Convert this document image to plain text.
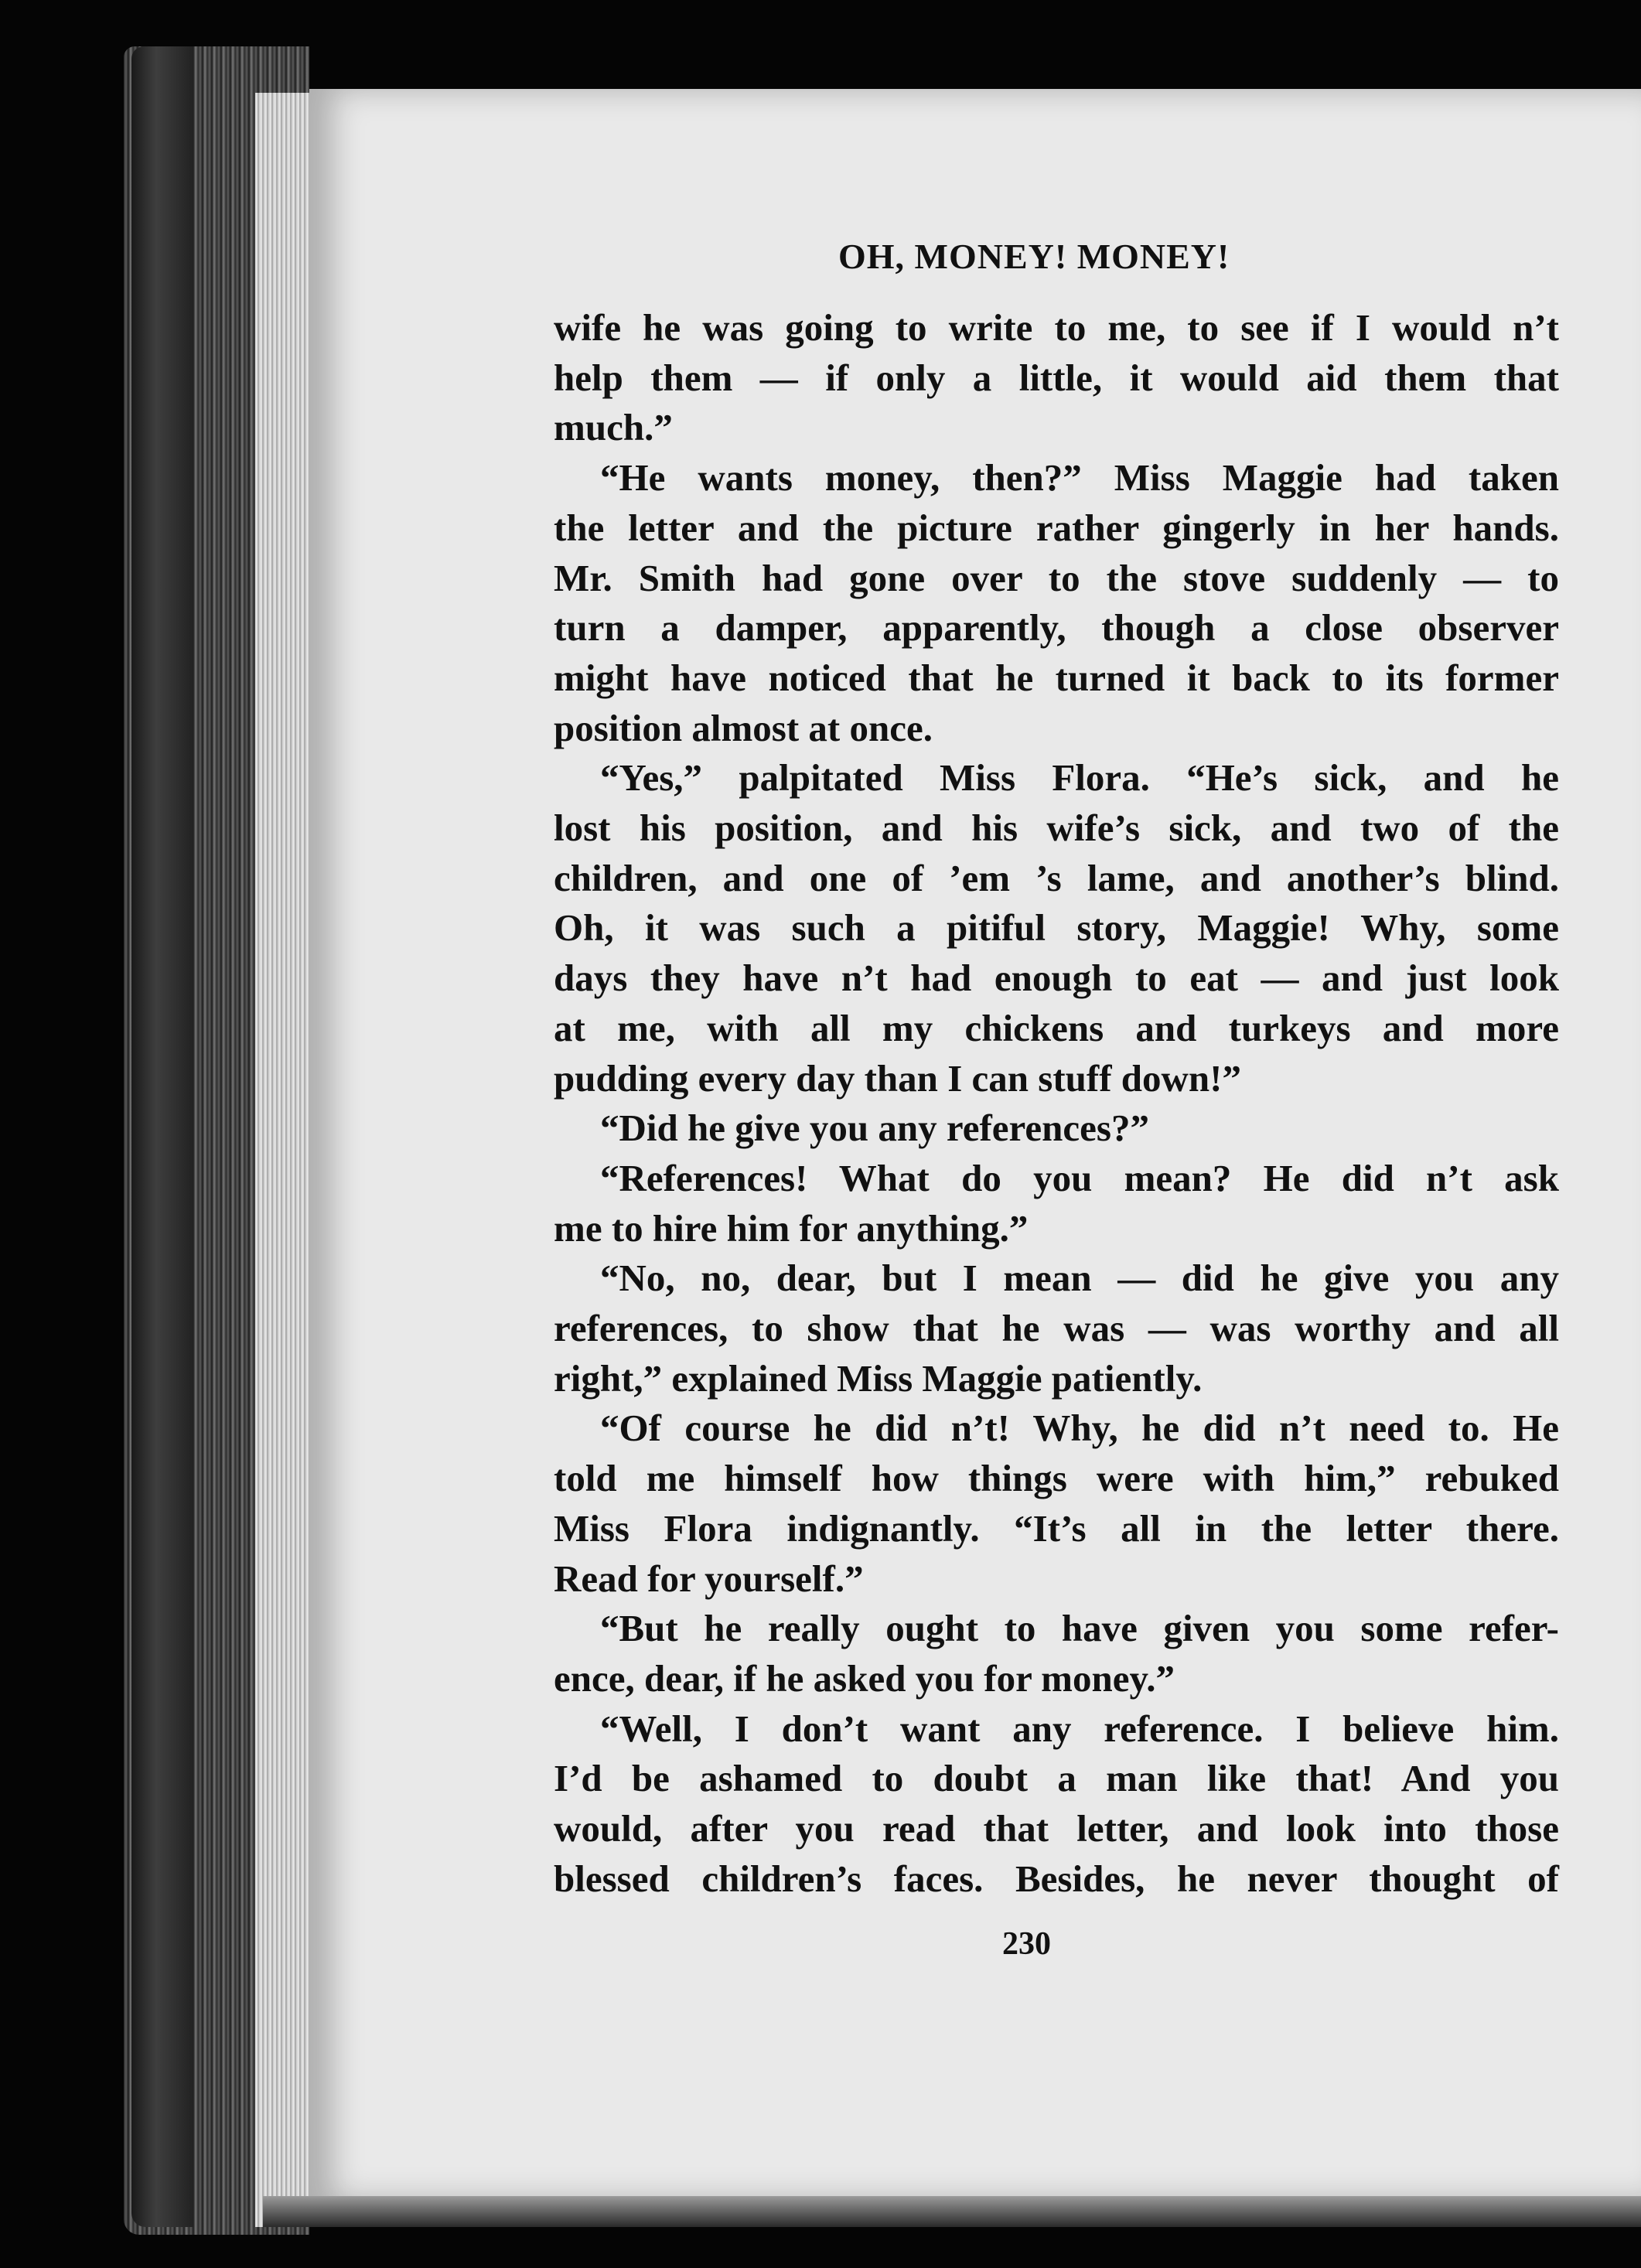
OH, MONEY! MONEY!
wife he was going to write to me, to see if I would n’t
help them — if only a little, it would aid them that
much.”
“He wants money, then?” Miss Maggie had taken
the letter and the picture rather gingerly in her hands.
Mr. Smith had gone over to the stove suddenly — to
turn a damper, apparently, though a close observer
might have noticed that he turned it back to its former
position almost at once.
“Yes,” palpitated Miss Flora. “He’s sick, and he
lost his position, and his wife’s sick, and two of the
children, and one of ’em ’s lame, and another’s blind.
Oh, it was such a pitiful story, Maggie! Why, some
days they have n’t had enough to eat — and just look
at me, with all my chickens and turkeys and more
pudding every day than I can stuff down!”
“Did he give you any references?”
“References! What do you mean? He did n’t ask
me to hire him for anything.”
“No, no, dear, but I mean — did he give you any
references, to show that he was — was worthy and all
right,” explained Miss Maggie patiently.
“Of course he did n’t! Why, he did n’t need to. He
told me himself how things were with him,” rebuked
Miss Flora indignantly. “It’s all in the letter there.
Read for yourself.”
“But he really ought to have given you some refer-
ence, dear, if he asked you for money.”
“Well, I don’t want any reference. I believe him.
I’d be ashamed to doubt a man like that! And you
would, after you read that letter, and look into those
blessed children’s faces. Besides, he never thought of
230
